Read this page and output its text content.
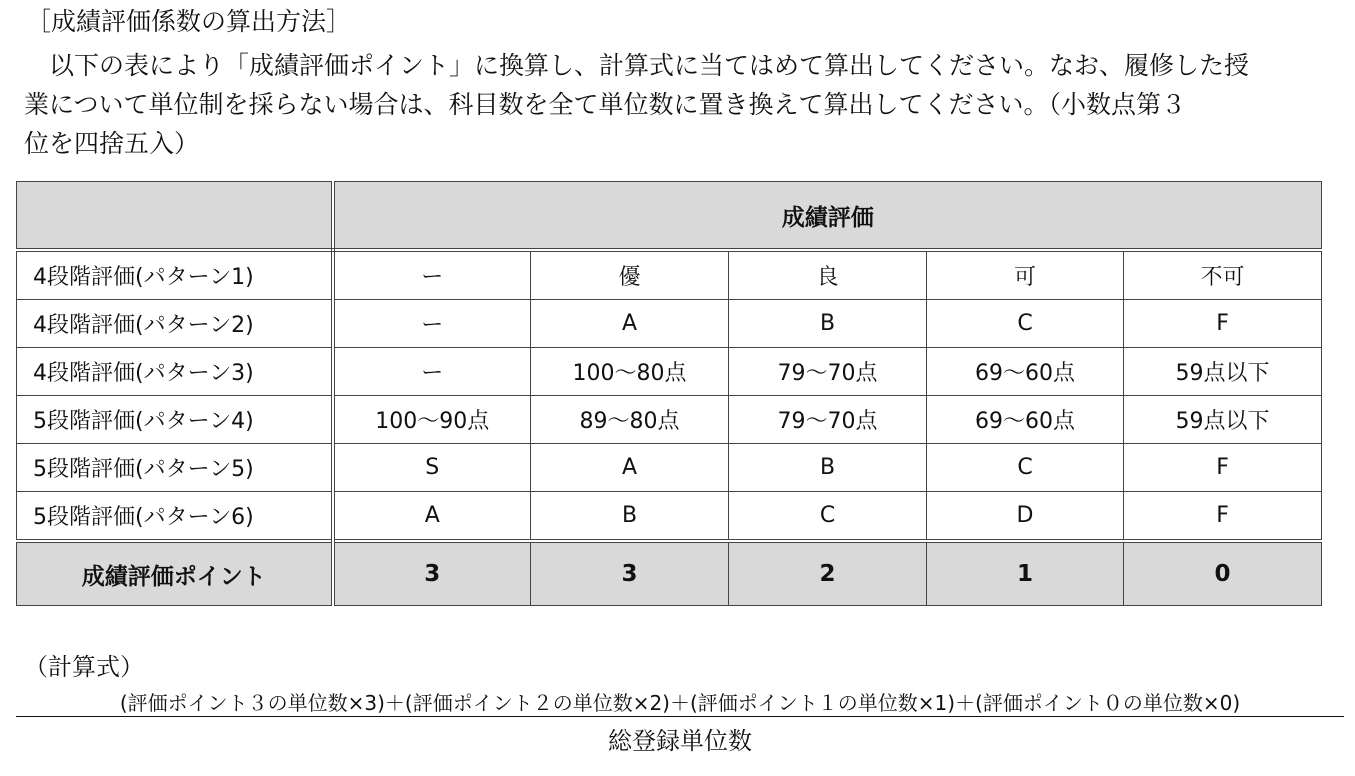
［成績評価係数の算出方法］
以下の表により「成績評価ポイント」に換算し、計算式に当てはめて算出してください。なお、履修した授
業について単位制を採らない場合は、科目数を全て単位数に置き換えて算出してください。（小数点第３
位を四捨五入）
	成績評価				
4段階評価(パターン1)	ー	優	良	可	不可
4段階評価(パターン2)	ー	A	B	C	F
4段階評価(パターン3)	ー	100～80点	79～70点	69～60点	59点以下
5段階評価(パターン4)	100～90点	89～80点	79～70点	69～60点	59点以下
5段階評価(パターン5)	S	A	B	C	F
5段階評価(パターン6)	A	B	C	D	F
成績評価ポイント	3	3	2	1	0
（計算式）
(評価ポイント３の単位数×3)＋(評価ポイント２の単位数×2)＋(評価ポイント１の単位数×1)＋(評価ポイント０の単位数×0)
総登録単位数
